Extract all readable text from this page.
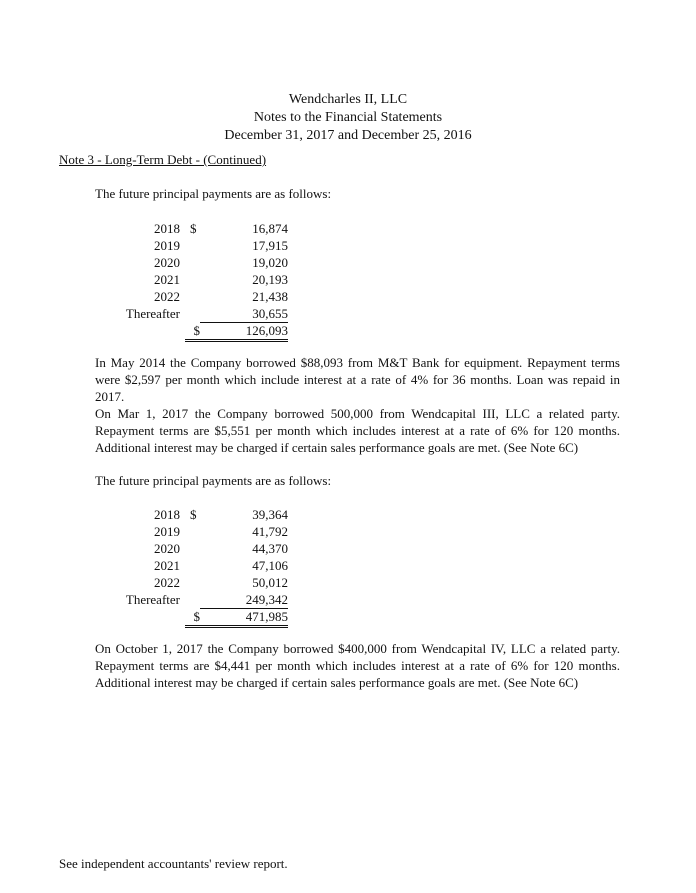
Wendcharles II, LLC
Notes to the Financial Statements
December 31, 2017 and December 25, 2016
Note 3 - Long-Term Debt - (Continued)
The future principal payments are as follows:
2018 $	16,874
2019	17,915
2020	19,020
2021	20,193
2022	21,438
Thereafter	30,655
$	126,093
In May 2014 the Company borrowed $88,093 from M&T Bank for equipment. Repayment terms were $2,597 per month which include interest at a rate of 4% for 36 months. Loan was repaid in 2017.
On Mar 1, 2017 the Company borrowed 500,000 from Wendcapital III, LLC a related party. Repayment terms are $5,551 per month which includes interest at a rate of 6% for 120 months. Additional interest may be charged if certain sales performance goals are met. (See Note 6C)
The future principal payments are as follows:
2018 $	39,364
2019	41,792
2020	44,370
2021	47,106
2022	50,012
Thereafter	249,342
$	471,985
On October 1, 2017 the Company borrowed $400,000 from Wendcapital IV, LLC a related party. Repayment terms are $4,441 per month which includes interest at a rate of 6% for 120 months. Additional interest may be charged if certain sales performance goals are met. (See Note 6C)
See independent accountants' review report.
